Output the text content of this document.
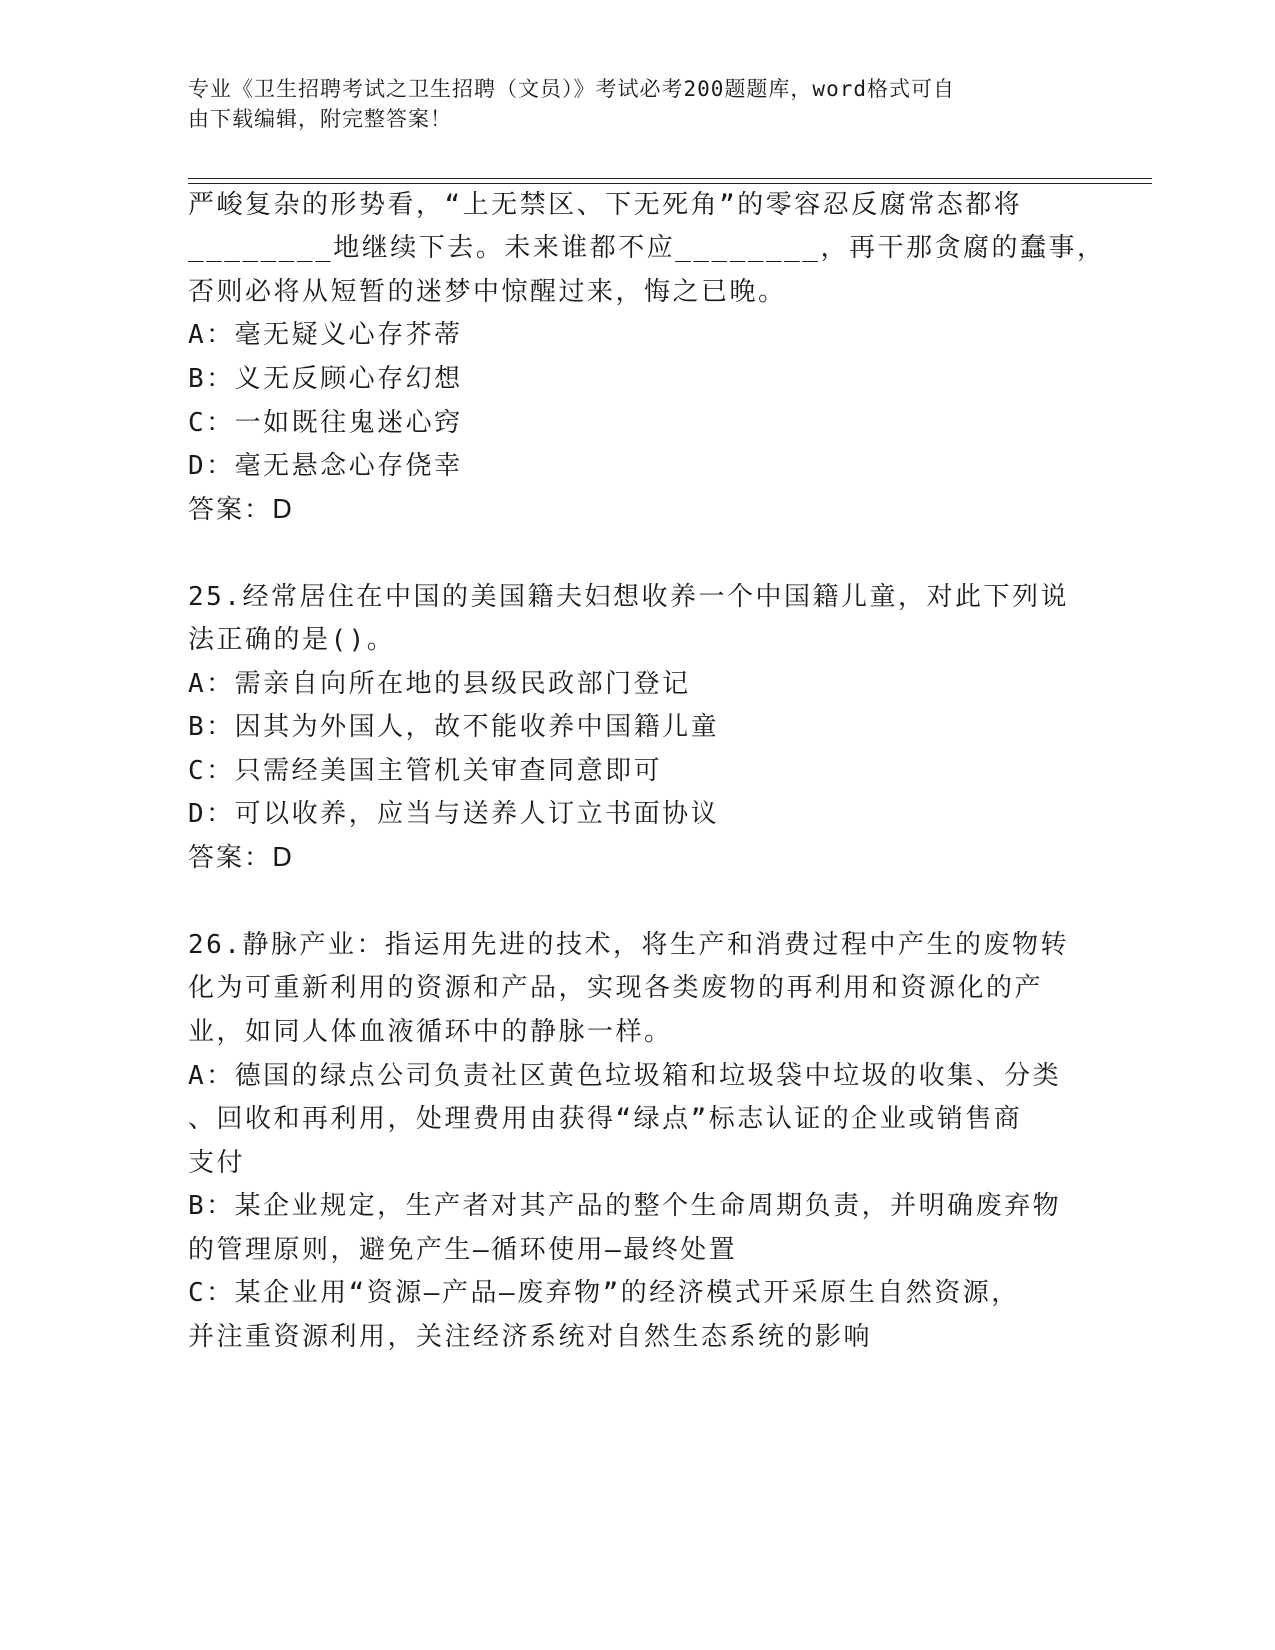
专业《卫生招聘考试之卫生招聘（文员）》考试必考200题题库，word格式可自
由下载编辑，附完整答案！
严峻复杂的形势看，“上无禁区、下无死角”的零容忍反腐常态都将
________地继续下去。未来谁都不应________，再干那贪腐的蠢事，
否则必将从短暂的迷梦中惊醒过来，悔之已晚。
A：毫无疑义心存芥蒂
B：义无反顾心存幻想
C：一如既往鬼迷心窍
D：毫无悬念心存侥幸
答案：D
25.经常居住在中国的美国籍夫妇想收养一个中国籍儿童，对此下列说
法正确的是()。
A：需亲自向所在地的县级民政部门登记
B：因其为外国人，故不能收养中国籍儿童
C：只需经美国主管机关审查同意即可
D：可以收养，应当与送养人订立书面协议
答案：D
26.静脉产业：指运用先进的技术，将生产和消费过程中产生的废物转
化为可重新利用的资源和产品，实现各类废物的再利用和资源化的产
业，如同人体血液循环中的静脉一样。
A：德国的绿点公司负责社区黄色垃圾箱和垃圾袋中垃圾的收集、分类
、回收和再利用，处理费用由获得“绿点”标志认证的企业或销售商
支付
B：某企业规定，生产者对其产品的整个生命周期负责，并明确废弃物
的管理原则，避免产生—循环使用—最终处置
C：某企业用“资源—产品—废弃物”的经济模式开采原生自然资源，
并注重资源利用，关注经济系统对自然生态系统的影响
